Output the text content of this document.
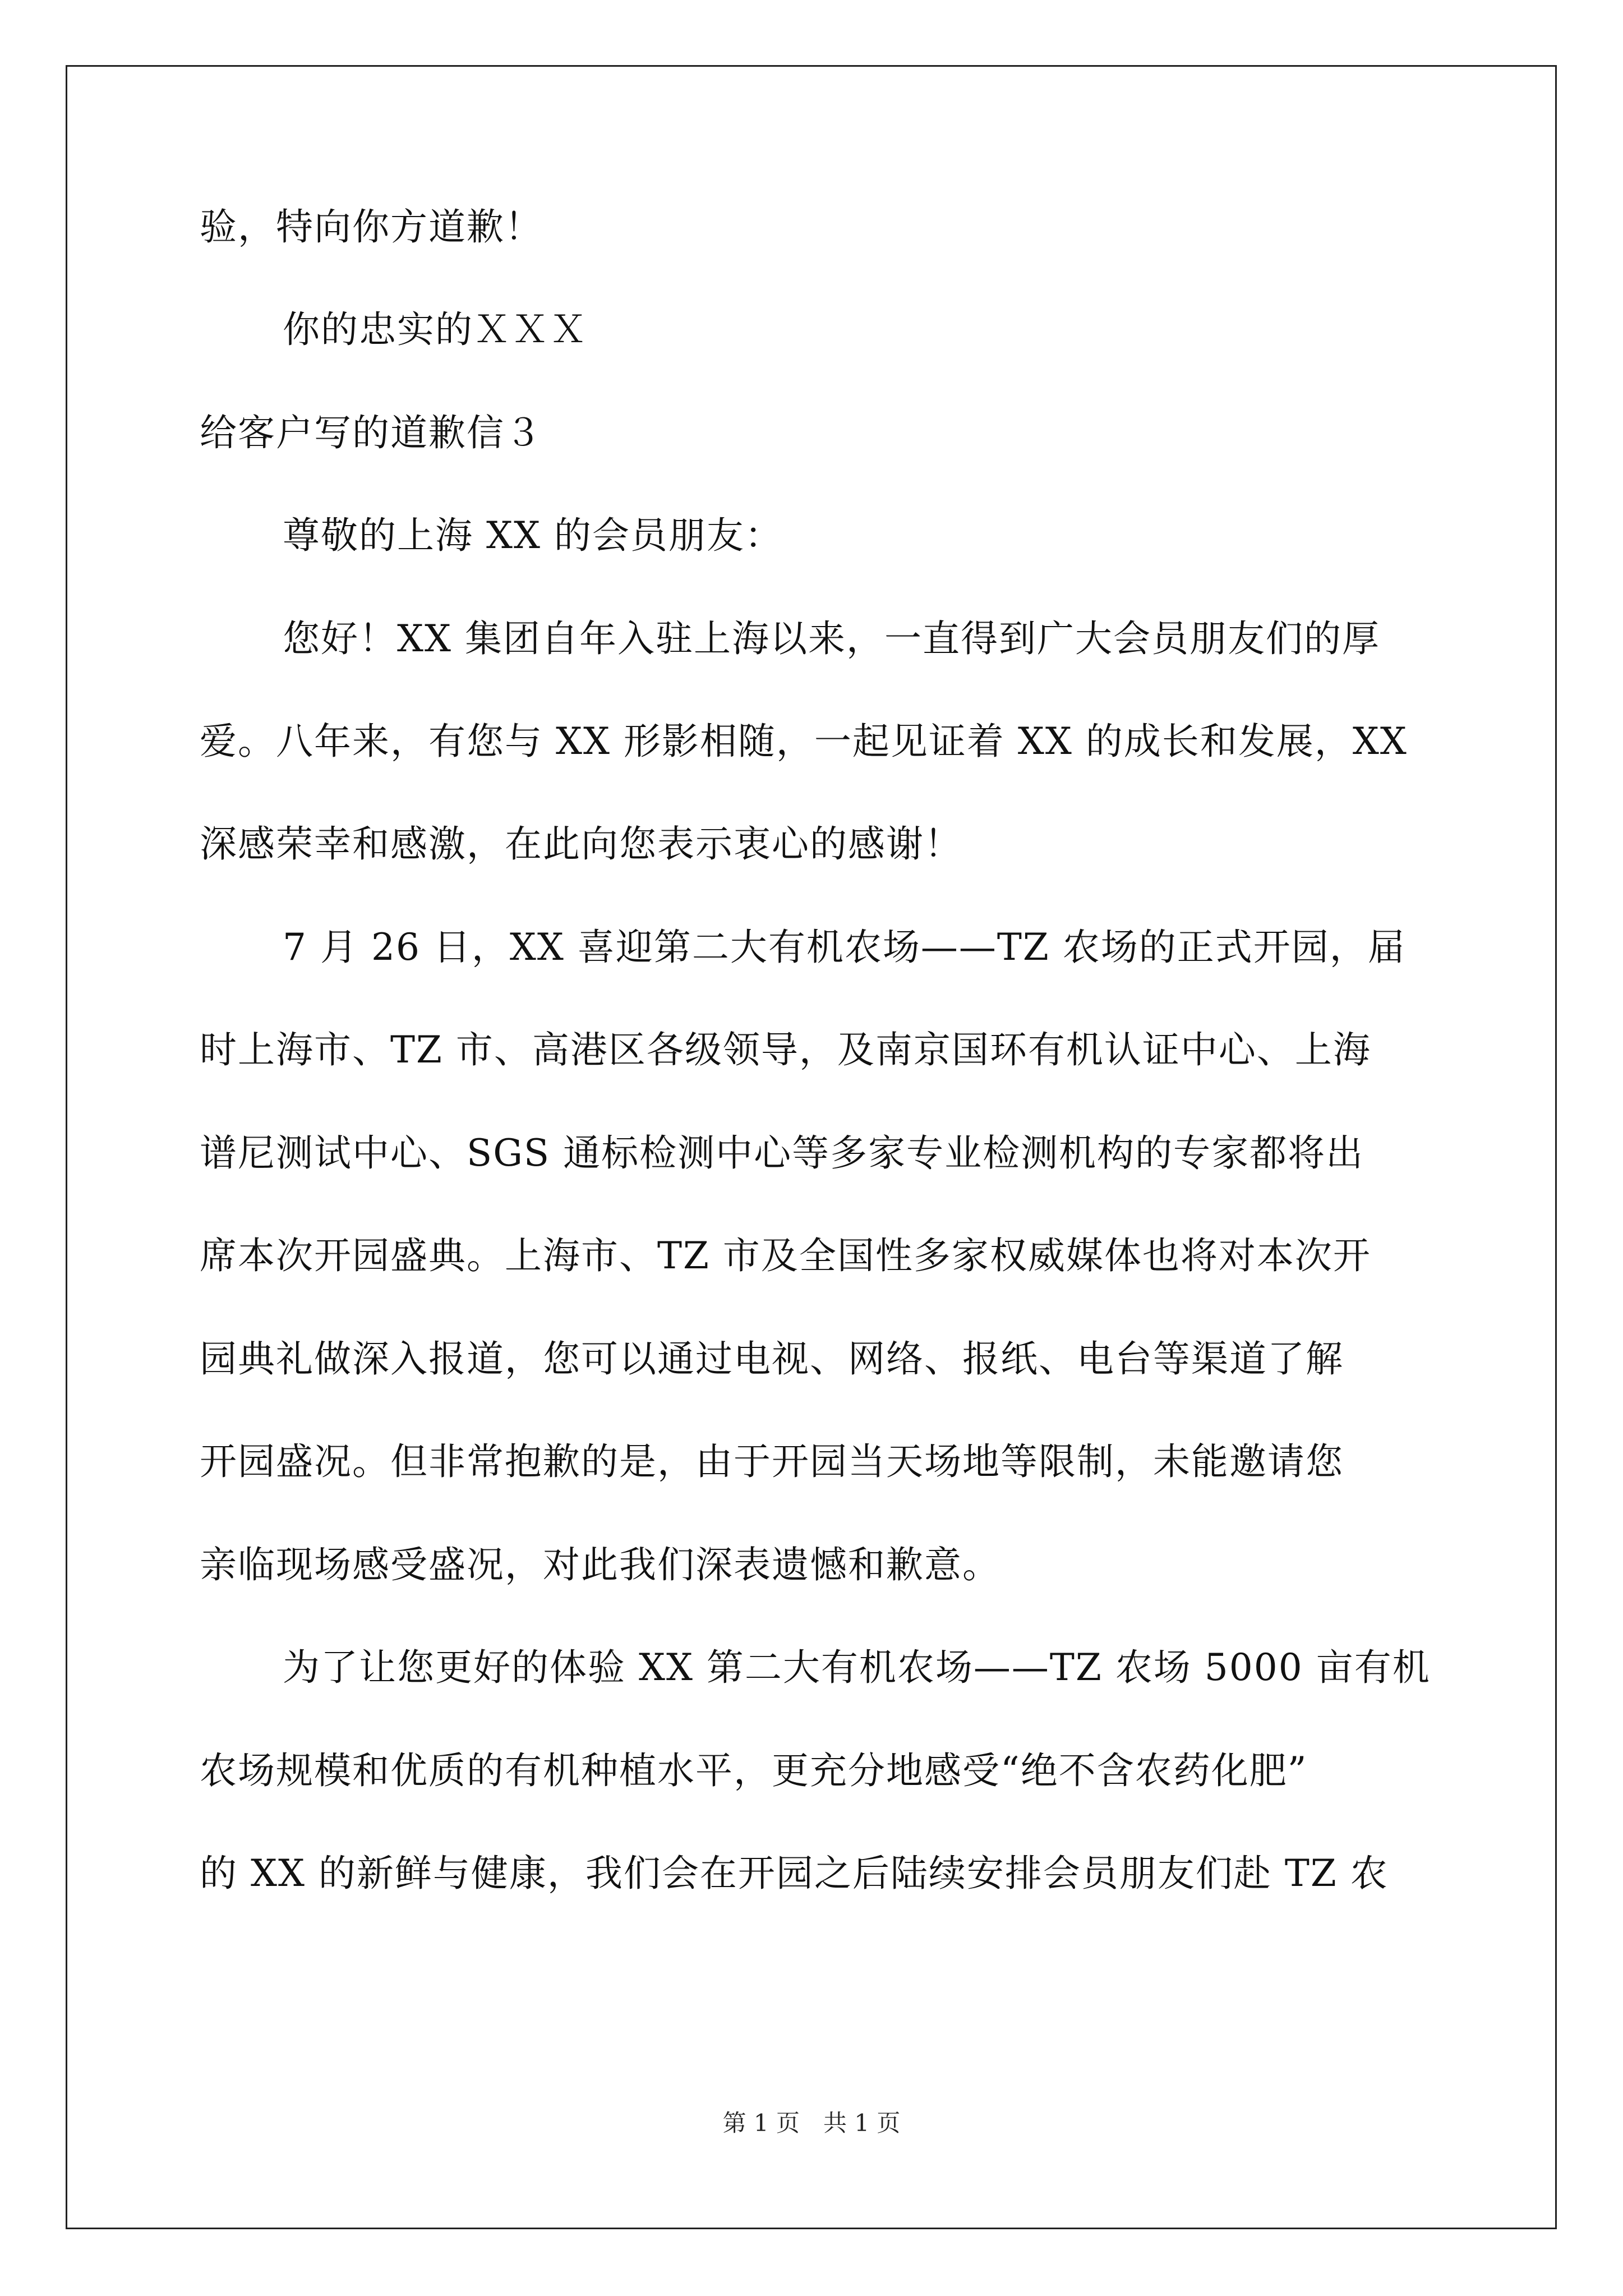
验，特向你方道歉！
你的忠实的ＸＸＸ
给客户写的道歉信３
尊敬的上海 XX 的会员朋友：
您好！XX 集团自年入驻上海以来，一直得到广大会员朋友们的厚
爱。八年来，有您与 XX 形影相随，一起见证着 XX 的成长和发展，XX
深感荣幸和感激，在此向您表示衷心的感谢！
7 月 26 日，XX 喜迎第二大有机农场——TZ 农场的正式开园，届
时上海市、TZ 市、高港区各级领导，及南京国环有机认证中心、上海
谱尼测试中心、SGS 通标检测中心等多家专业检测机构的专家都将出
席本次开园盛典。上海市、TZ 市及全国性多家权威媒体也将对本次开
园典礼做深入报道，您可以通过电视、网络、报纸、电台等渠道了解
开园盛况。但非常抱歉的是，由于开园当天场地等限制，未能邀请您
亲临现场感受盛况，对此我们深表遗憾和歉意。
为了让您更好的体验 XX 第二大有机农场——TZ 农场 5000 亩有机
农场规模和优质的有机种植水平，更充分地感受“绝不含农药化肥”
的 XX 的新鲜与健康，我们会在开园之后陆续安排会员朋友们赴 TZ 农
第 1 页　共 1 页
